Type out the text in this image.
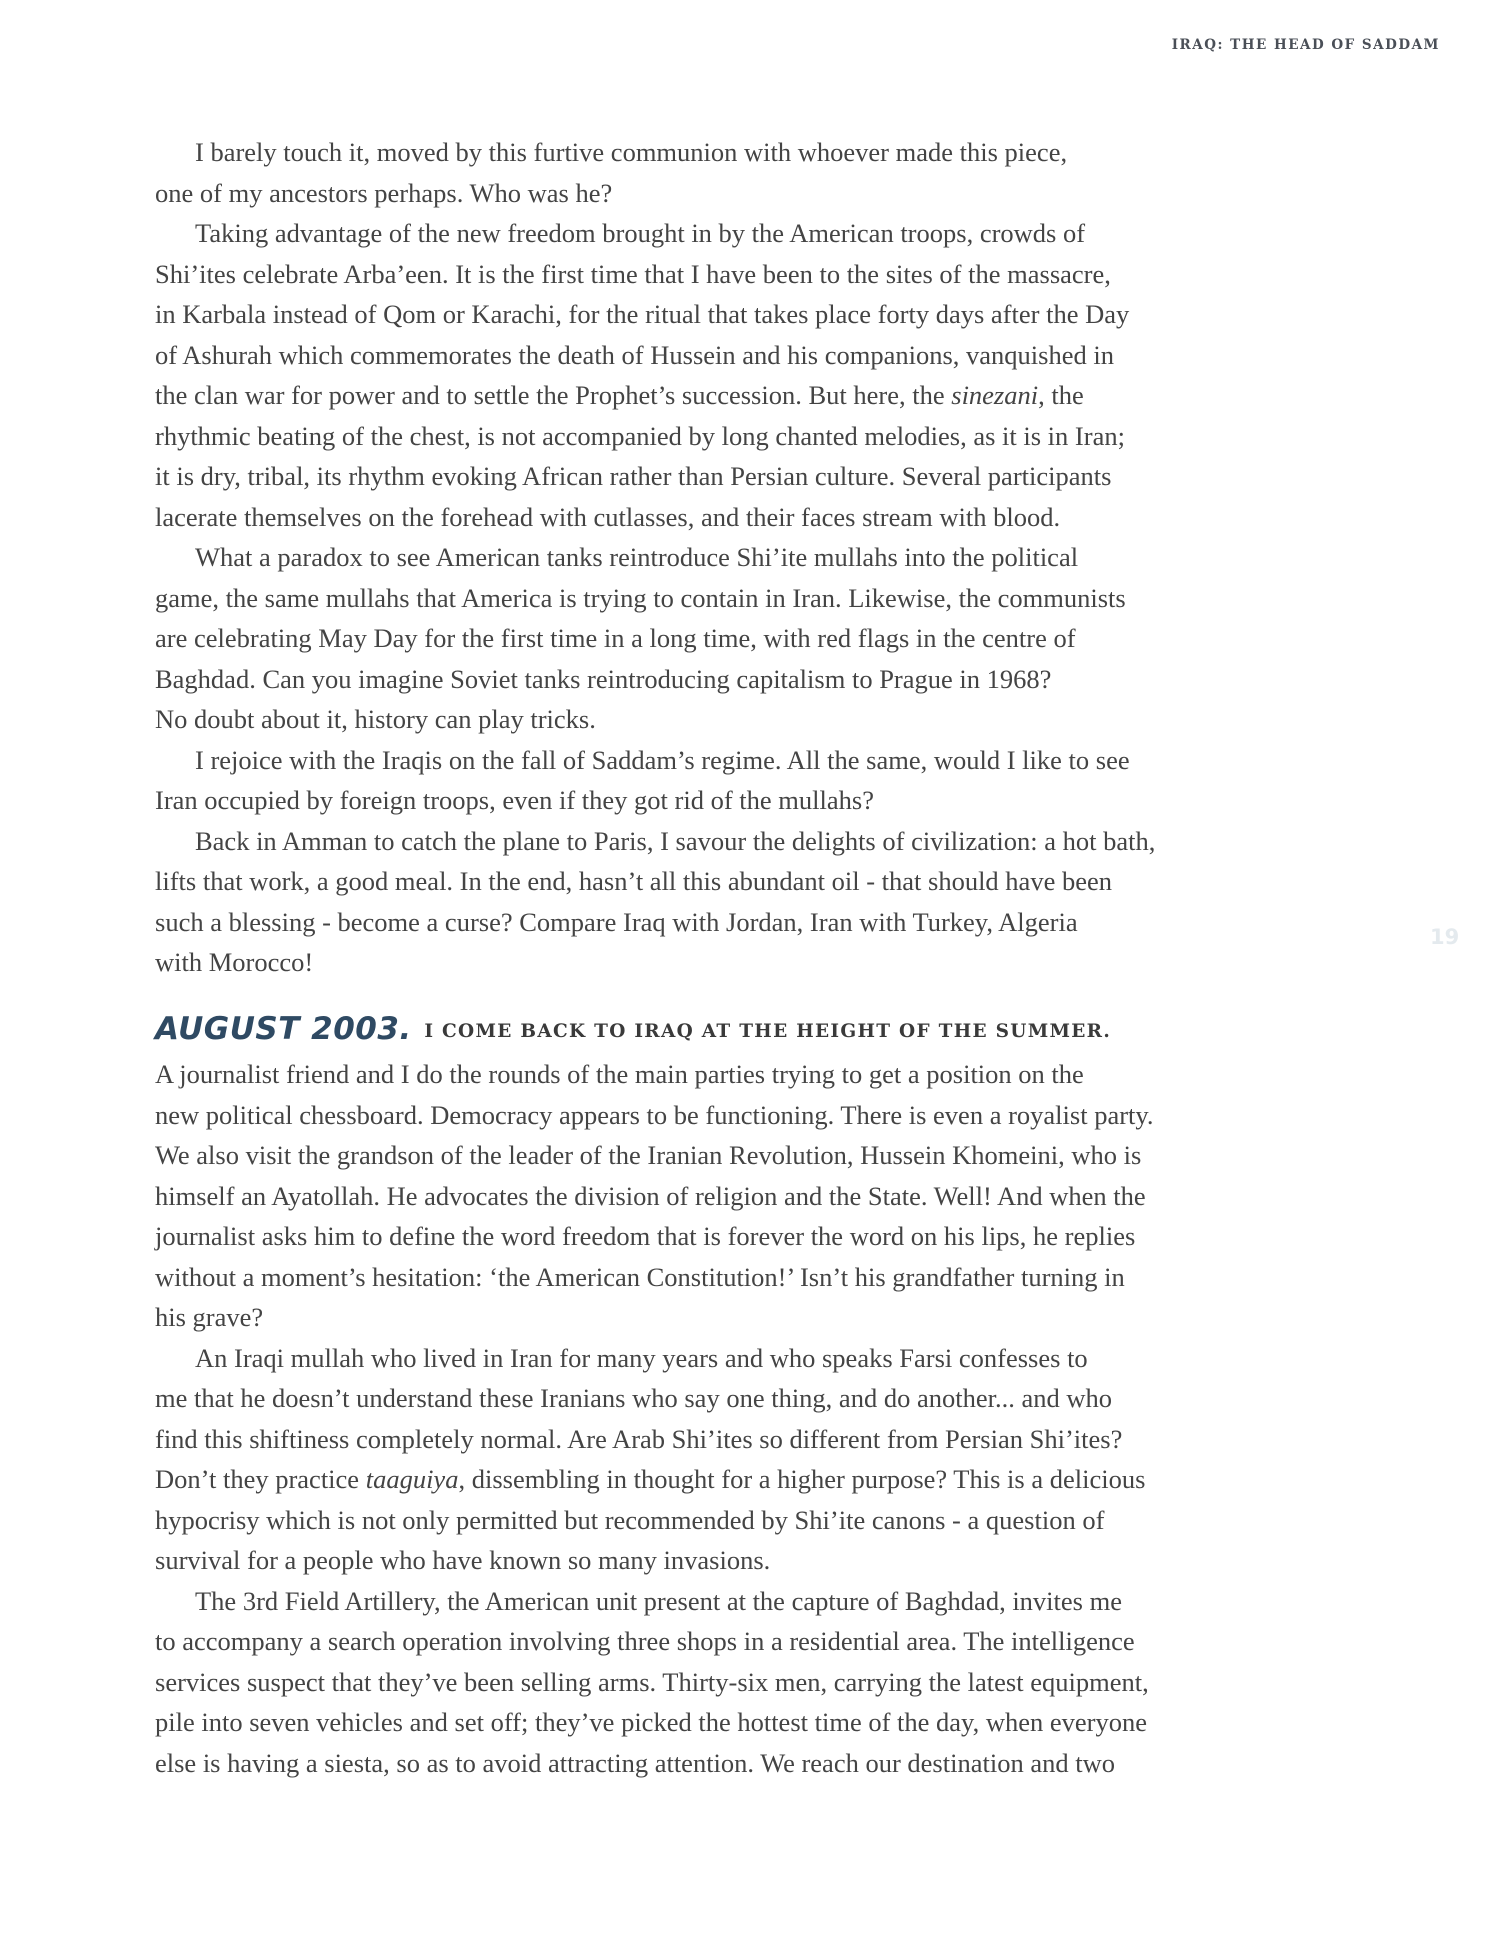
IRAQ: THE HEAD OF SADDAM

I barely touch it, moved by this furtive communion with whoever made this piece,
one of my ancestors perhaps. Who was he?

Taking advantage of the new freedom brought in by the American troops, crowds of
Shi’ites celebrate Arba’een. It is the first time that I have been to the sites of the massacre,
in Karbala instead of Qom or Karachi, for the ritual that takes place forty days after the Day
of Ashurah which commemorates the death of Hussein and his companions, vanquished in
the clan war for power and to settle the Prophet’s succession. But here, the sinezani, the
rhythmic beating of the chest, is not accompanied by long chanted melodies, as it is in Iran;
it is dry, tribal, its rhythm evoking African rather than Persian culture. Several participants
lacerate themselves on the forehead with cutlasses, and their faces stream with blood.

What a paradox to see American tanks reintroduce Shi’ite mullahs into the political
game, the same mullahs that America is trying to contain in Iran. Likewise, the communists
are celebrating May Day for the first time in a long time, with red flags in the centre of
Baghdad. Can you imagine Soviet tanks reintroducing capitalism to Prague in 1968?
No doubt about it, history can play tricks.

I rejoice with the Iraqis on the fall of Saddam’s regime. All the same, would I like to see
Iran occupied by foreign troops, even if they got rid of the mullahs?

Back in Amman to catch the plane to Paris, I savour the delights of civilization: a hot bath,
lifts that work, a good meal. In the end, hasn’t all this abundant oil - that should have been
such a blessing - become a curse? Compare Iraq with Jordan, Iran with Turkey, Algeria
with Morocco!

AUGUST 2003. I COME BACK TO IRAQ AT THE HEIGHT OF THE SUMMER.

A journalist friend and I do the rounds of the main parties trying to get a position on the
new political chessboard. Democracy appears to be functioning. There is even a royalist party.
We also visit the grandson of the leader of the Iranian Revolution, Hussein Khomeini, who is
himself an Ayatollah. He advocates the division of religion and the State. Well! And when the
journalist asks him to define the word freedom that is forever the word on his lips, he replies
without a moment’s hesitation: ‘the American Constitution!’ Isn’t his grandfather turning in
his grave?

An Iraqi mullah who lived in Iran for many years and who speaks Farsi confesses to
me that he doesn’t understand these Iranians who say one thing, and do another... and who
find this shiftiness completely normal. Are Arab Shi’ites so different from Persian Shi’ites?
Don’t they practice taaguiya, dissembling in thought for a higher purpose? This is a delicious
hypocrisy which is not only permitted but recommended by Shi’ite canons - a question of
survival for a people who have known so many invasions.

The 3rd Field Artillery, the American unit present at the capture of Baghdad, invites me
to accompany a search operation involving three shops in a residential area. The intelligence
services suspect that they’ve been selling arms. Thirty-six men, carrying the latest equipment,
pile into seven vehicles and set off; they’ve picked the hottest time of the day, when everyone
else is having a siesta, so as to avoid attracting attention. We reach our destination and two

19
